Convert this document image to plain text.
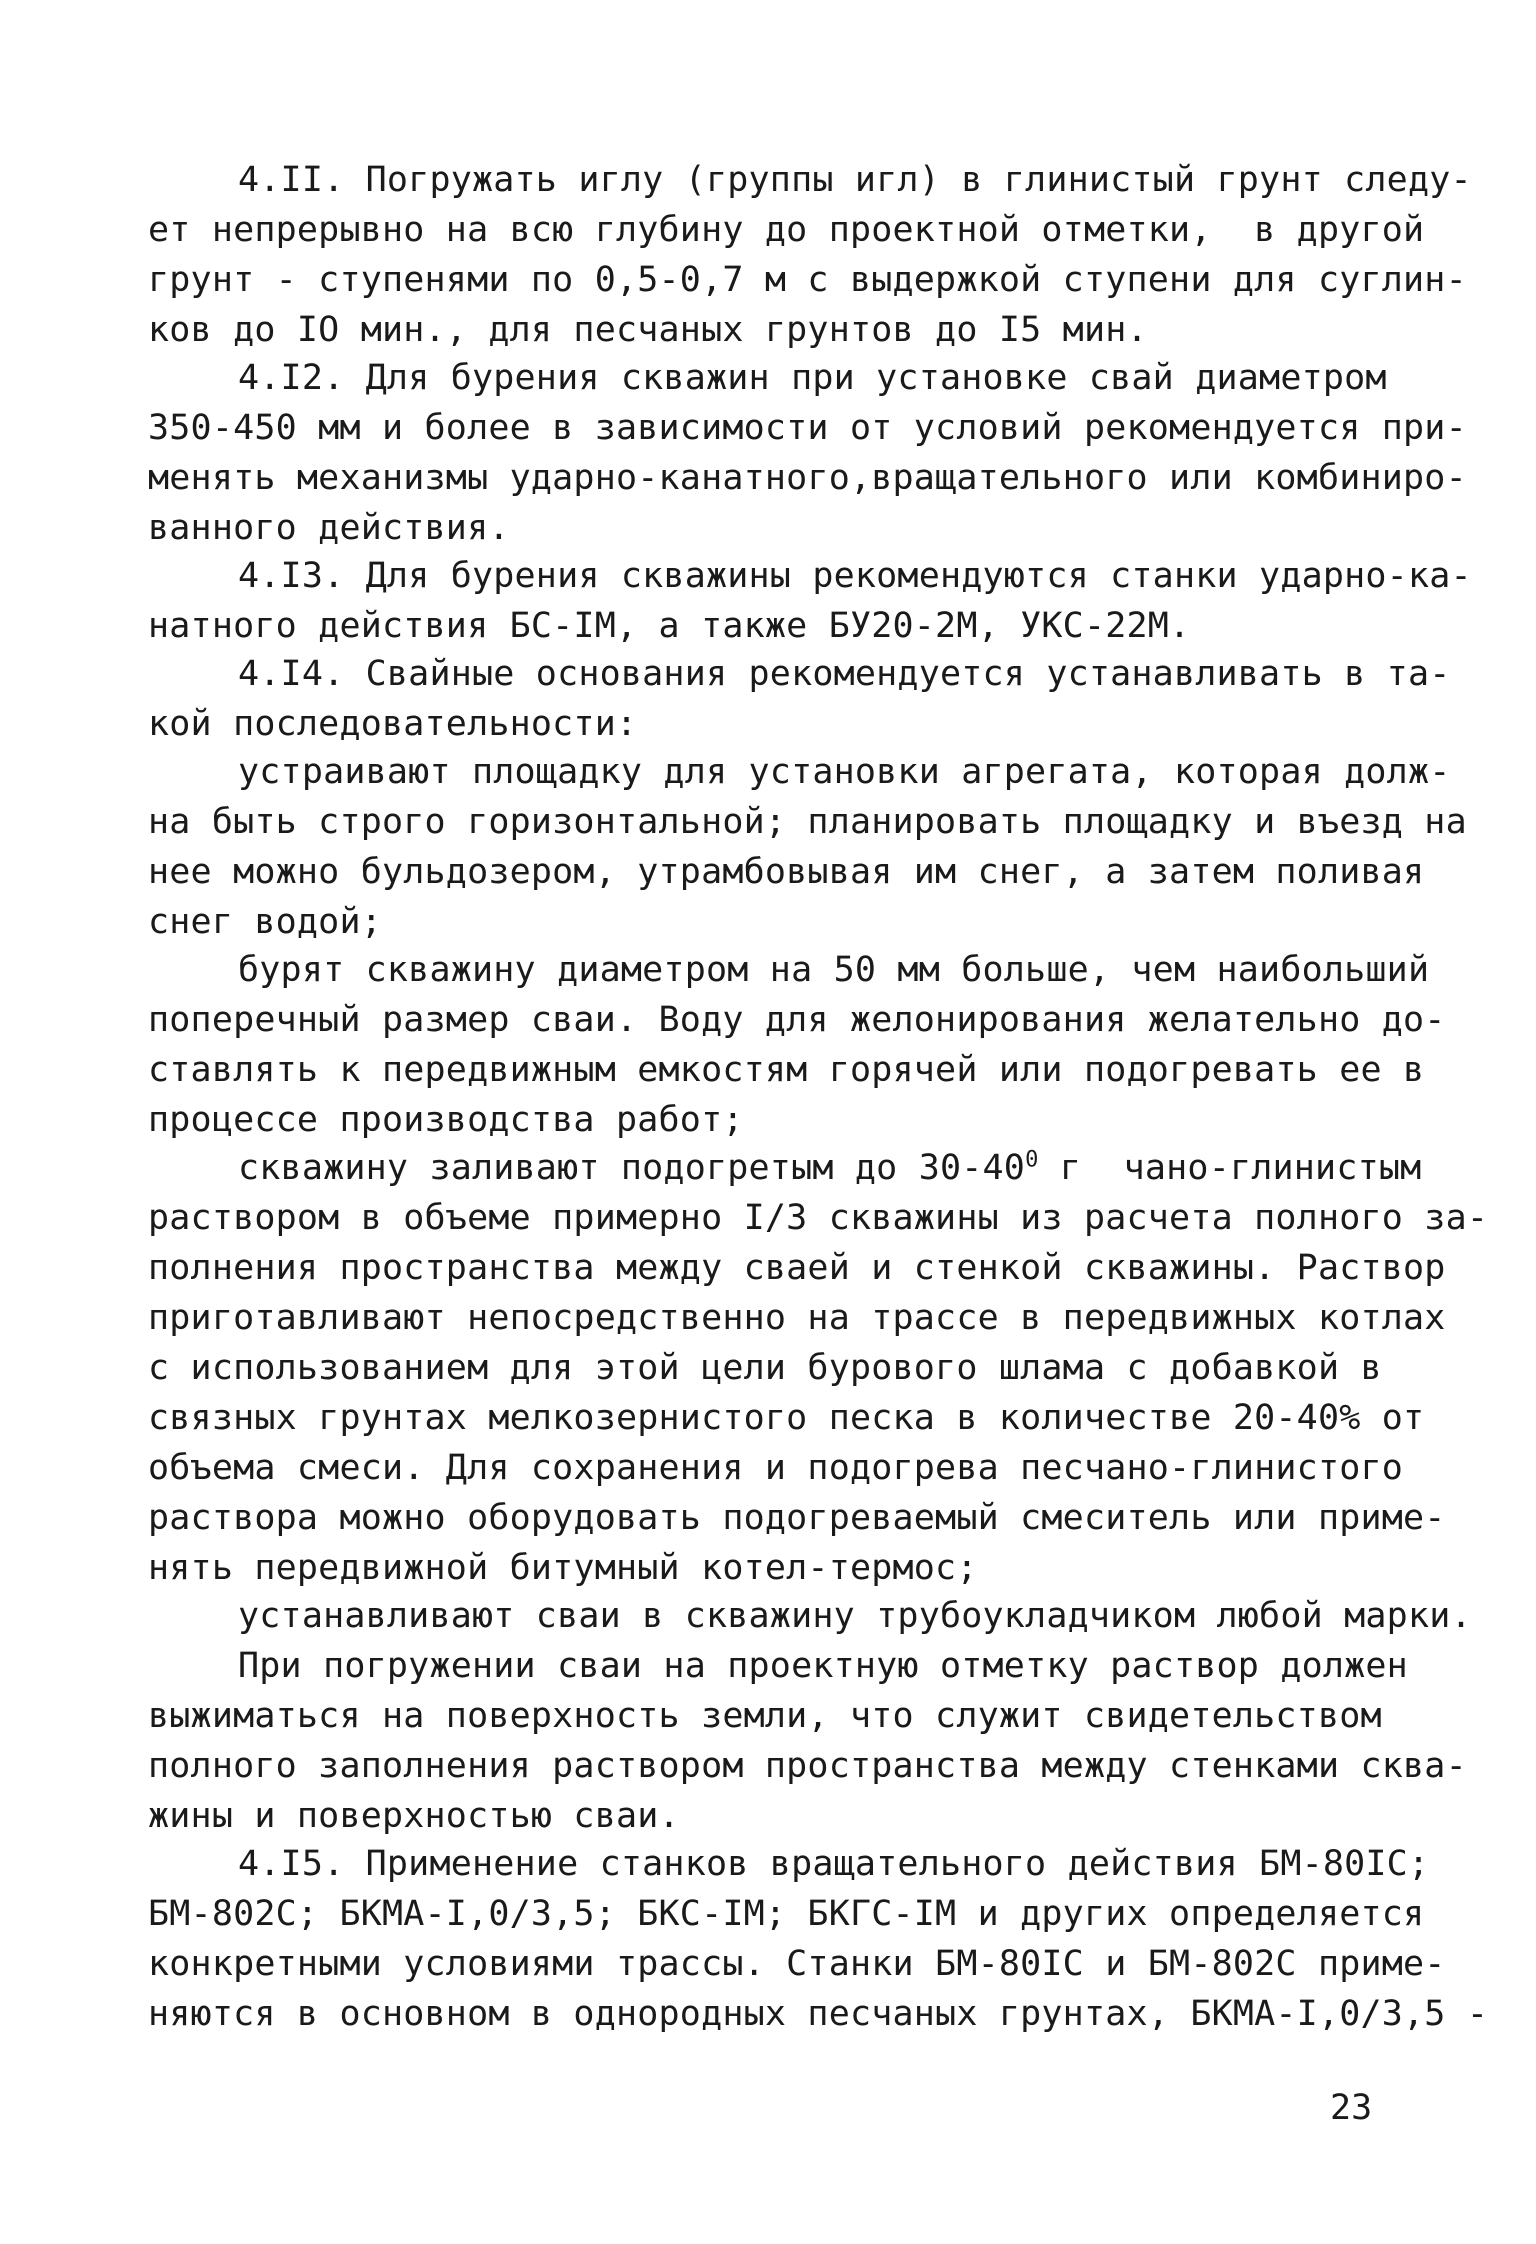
4.II. Погружать иглу (группы игл) в глинистый грунт следу-

ет непрерывно на всю глубину до проектной отметки,  в другой

грунт - ступенями по 0,5-0,7 м с выдержкой ступени для суглин-

ков до IO мин., для песчаных грунтов до I5 мин.

4.I2. Для бурения скважин при установке свай диаметром

350-450 мм и более в зависимости от условий рекомендуется при-

менять механизмы ударно-канатного,вращательного или комбиниро-

ванного действия.

4.I3. Для бурения скважины рекомендуются станки ударно-ка-

натного действия БС-IМ, а также БУ20-2М, УКС-22М.

4.I4. Свайные основания рекомендуется устанавливать в та-

кой последовательности:

устраивают площадку для установки агрегата, которая долж-

на быть строго горизонтальной; планировать площадку и въезд на

нее можно бульдозером, утрамбовывая им снег, а затем поливая

снег водой;

бурят скважину диаметром на 50 мм больше, чем наибольший

поперечный размер сваи. Воду для желонирования желательно до-

ставлять к передвижным емкостям горячей или подогревать ее в

процессе производства работ;

скважину заливают подогретым до $30-40^0$ г  чано-глинистым

раствором в объеме примерно I/3 скважины из расчета полного за-

полнения пространства между сваей и стенкой скважины. Раствор

приготавливают непосредственно на трассе в передвижных котлах

с использованием для этой цели бурового шлама с добавкой в

связных грунтах мелкозернистого песка в количестве 20-40% от

объема смеси. Для сохранения и подогрева песчано-глинистого

раствора можно оборудовать подогреваемый смеситель или приме-

нять передвижной битумный котел-термос;

устанавливают сваи в скважину трубоукладчиком любой марки.

При погружении сваи на проектную отметку раствор должен

выжиматься на поверхность земли, что служит свидетельством

полного заполнения раствором пространства между стенками сква-

жины и поверхностью сваи.

4.I5. Применение станков вращательного действия БМ-80IС;

БМ-802С; БКМА-I,0/3,5; БКС-IМ; БКГС-IМ и других определяется

конкретными условиями трассы. Станки БМ-80IС и БМ-802С приме-

няются в основном в однородных песчаных грунтах, БКМА-I,0/3,5 -

23
